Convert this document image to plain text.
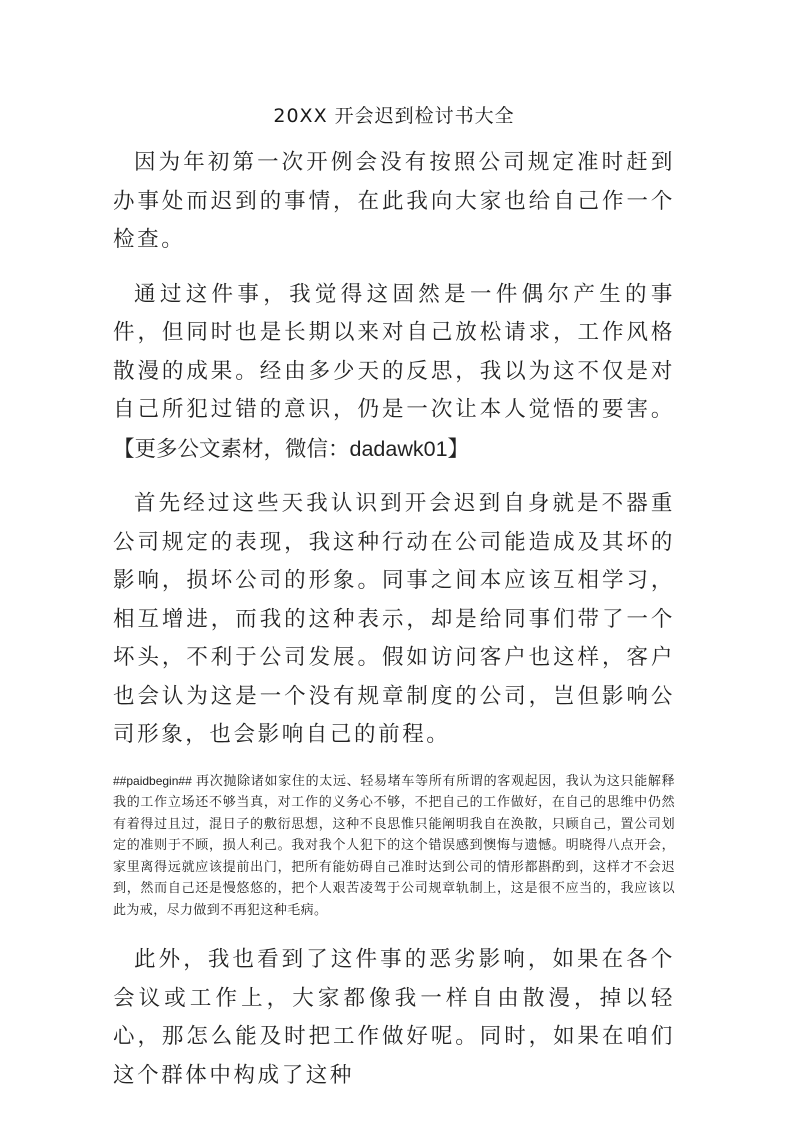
20XX 开会迟到检讨书大全

因为年初第一次开例会没有按照公司规定准时赶到办事处而迟到的事情，在此我向大家也给自己作一个检查。

通过这件事，我觉得这固然是一件偶尔产生的事件，但同时也是长期以来对自己放松请求，工作风格散漫的成果。经由多少天的反思，我以为这不仅是对自己所犯过错的意识，仍是一次让本人觉悟的要害。【更多公文素材，微信：dadawk01】

首先经过这些天我认识到开会迟到自身就是不器重公司规定的表现，我这种行动在公司能造成及其坏的影响，损坏公司的形象。同事之间本应该互相学习，相互增进，而我的这种表示，却是给同事们带了一个坏头，不利于公司发展。假如访问客户也这样，客户也会认为这是一个没有规章制度的公司，岂但影响公司形象，也会影响自己的前程。

##paidbegin## 再次抛除诸如家住的太远、轻易堵车等所有所谓的客观起因，我认为这只能解释我的工作立场还不够当真，对工作的义务心不够，不把自己的工作做好，在自己的思维中仍然有着得过且过，混日子的敷衍思想，这种不良思惟只能阐明我自在涣散，只顾自己，置公司划定的准则于不顾，损人利己。我对我个人犯下的这个错误感到懊悔与遗憾。明晓得八点开会，家里离得远就应该提前出门，把所有能妨碍自己准时达到公司的情形都斟酌到，这样才不会迟到，然而自己还是慢悠悠的，把个人艰苦凌驾于公司规章轨制上，这是很不应当的，我应该以此为戒，尽力做到不再犯这种毛病。

此外，我也看到了这件事的恶劣影响，如果在各个会议或工作上，大家都像我一样自由散漫，掉以轻心，那怎么能及时把工作做好呢。同时，如果在咱们这个群体中构成了这种
